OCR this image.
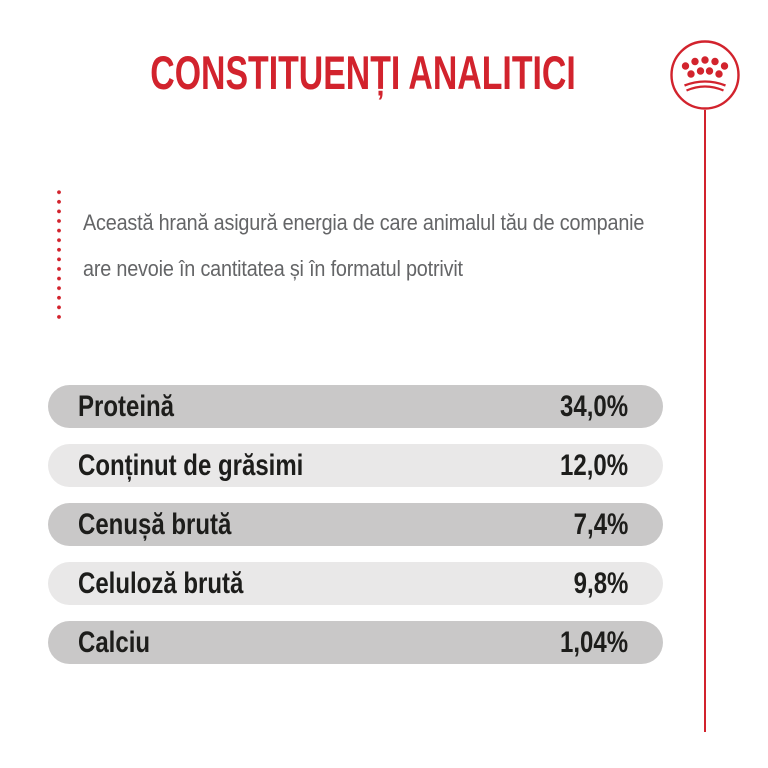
CONSTITUENȚI ANALITICI
Această hrană asigură energia de care animalul tău de companie
are nevoie în cantitatea și în formatul potrivit
Proteină	34,0%
Conținut de grăsimi	12,0%
Cenușă brută	7,4%
Celuloză brută	9,8%
Calciu	1,04%
